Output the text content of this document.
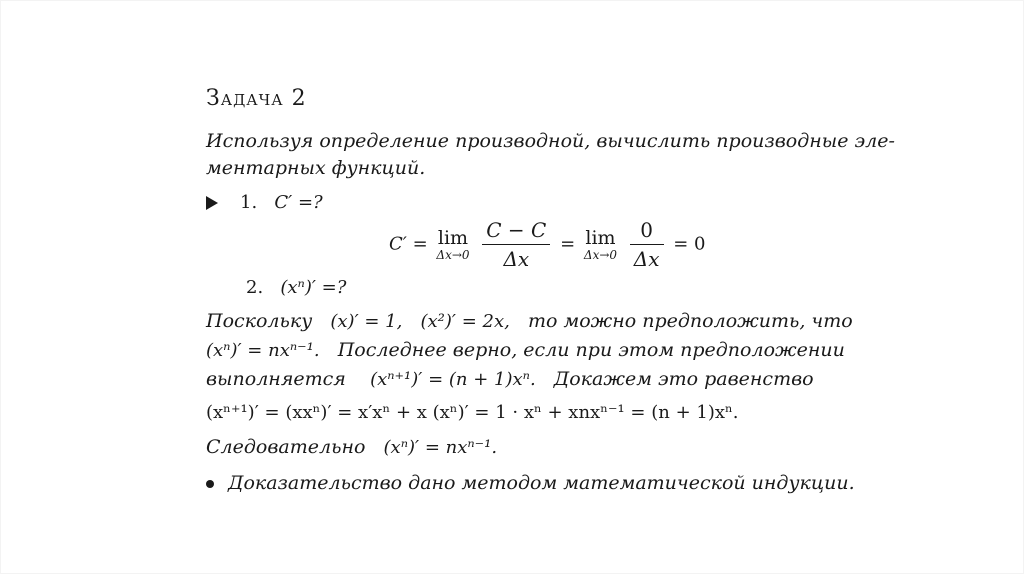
Задача 2
Используя определение производной, вычислить производные эле-
ментарных функций.
1. C′ =?
C′ = lim
Δx→0
$\frac{C - C}{\Delta x} = \lim$
Δx→0
$\frac{0}{\Delta x} = 0$
2. (xⁿ)′ =?
Поскольку (x)′ = 1, (x²)′ = 2x, то можно предположить, что
(xⁿ)′ = nxⁿ⁻¹. Последнее верно, если при этом предположении
выполняется (xⁿ⁺¹)′ = (n + 1)xⁿ. Докажем это равенство
(xⁿ⁺¹)′ = (xxⁿ)′ = x′xⁿ + x (xⁿ)′ = 1 · xⁿ + xnxⁿ⁻¹ = (n + 1)xⁿ.
Следовательно (xⁿ)′ = nxⁿ⁻¹.
Доказательство дано методом математической индукции.
